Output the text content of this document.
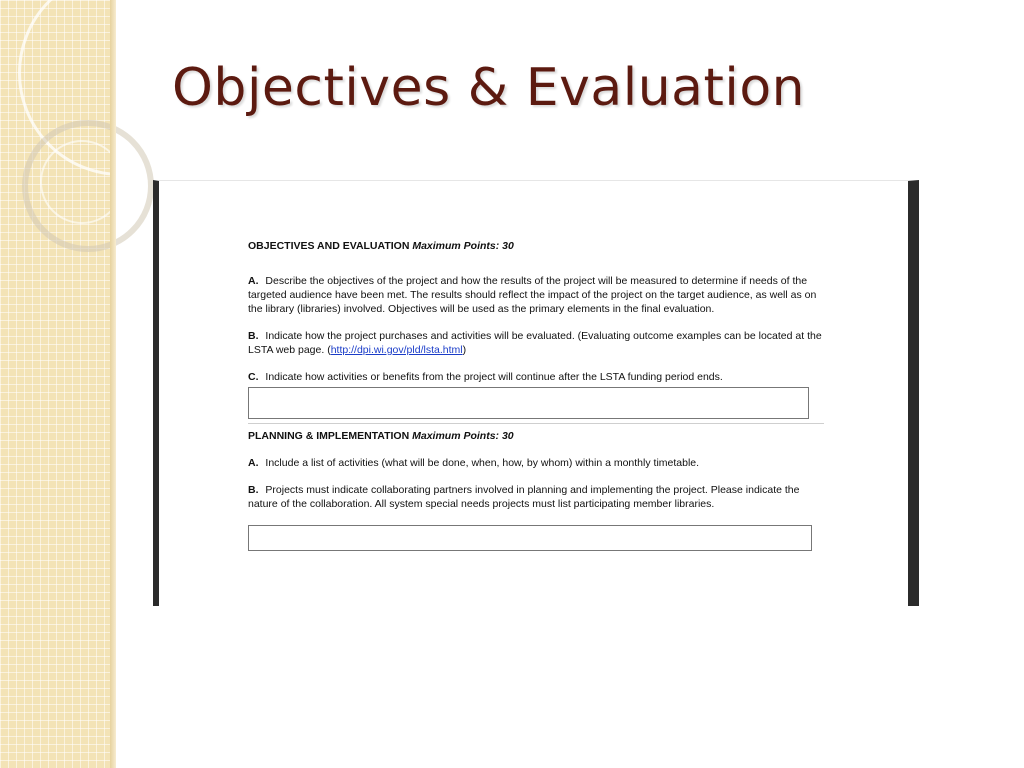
Objectives & Evaluation

OBJECTIVES AND EVALUATION Maximum Points: 30

A. Describe the objectives of the project and how the results of the project will be measured to determine if needs of the targeted audience have been met. The results should reflect the impact of the project on the target audience, as well as on the library (libraries) involved. Objectives will be used as the primary elements in the final evaluation.

B. Indicate how the project purchases and activities will be evaluated. (Evaluating outcome examples can be located at the LSTA web page. (http://dpi.wi.gov/pld/lsta.html)

C. Indicate how activities or benefits from the project will continue after the LSTA funding period ends.

PLANNING & IMPLEMENTATION Maximum Points: 30

A. Include a list of activities (what will be done, when, how, by whom) within a monthly timetable.

B. Projects must indicate collaborating partners involved in planning and implementing the project. Please indicate the nature of the collaboration. All system special needs projects must list participating member libraries.
